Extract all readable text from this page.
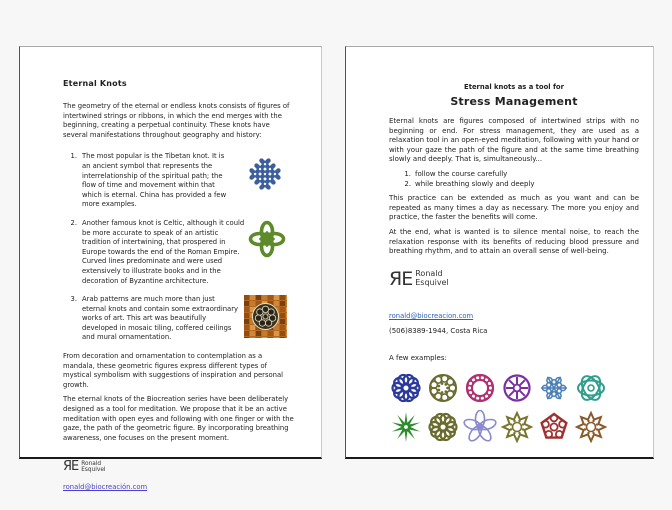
Eternal Knots

The geometry of the eternal or endless knots consists of figures of intertwined strings or ribbons, in which the end merges with the beginning, creating a perpetual continuity. These knots have several manifestations throughout geography and history:

1. The most popular is the Tibetan knot. It is an ancient symbol that represents the interrelationship of the spiritual path; the flow of time and movement within that which is eternal. China has provided a few more examples.

2. Another famous knot is Celtic, although it could be more accurate to speak of an artistic tradition of intertwining, that prospered in Europe towards the end of the Roman Empire. Curved lines predominate and were used extensively to illustrate books and in the decoration of Byzantine architecture.

3. Arab patterns are much more than just eternal knots and contain some extraordinary works of art. This art was beautifully developed in mosaic tiling, coffered ceilings and mural ornamentation.

From decoration and ornamentation to contemplation as a mandala, these geometric figures express different types of mystical symbolism with suggestions of inspiration and personal growth.

The eternal knots of the Biocreation series have been deliberately designed as a tool for meditation. We propose that it be an active meditation with open eyes and following with one finger or with the gaze, the path of the geometric figure. By incorporating breathing awareness, one focuses on the present moment.

ЯE Ronald
Esquivel
ronald@biocreación.com

Eternal knots as a tool for

Stress Management

Eternal knots are figures composed of intertwined strips with no beginning or end. For stress management, they are used as a relaxation tool in an open-eyed meditation, following with your hand or with your gaze the path of the figure and at the same time breathing slowly and deeply. That is, simultaneously...

1. follow the course carefully
2. while breathing slowly and deeply

This practice can be extended as much as you want and can be repeated as many times a day as necessary. The more you enjoy and practice, the faster the benefits will come.

At the end, what is wanted is to silence mental noise, to reach the relaxation response with its benefits of reducing blood pressure and breathing rhythm, and to attain an overall sense of well-being.

ЯE Ronald
Esquivel
ronald@biocreacion.com

(506)8389-1944, Costa Rica

A few examples:
